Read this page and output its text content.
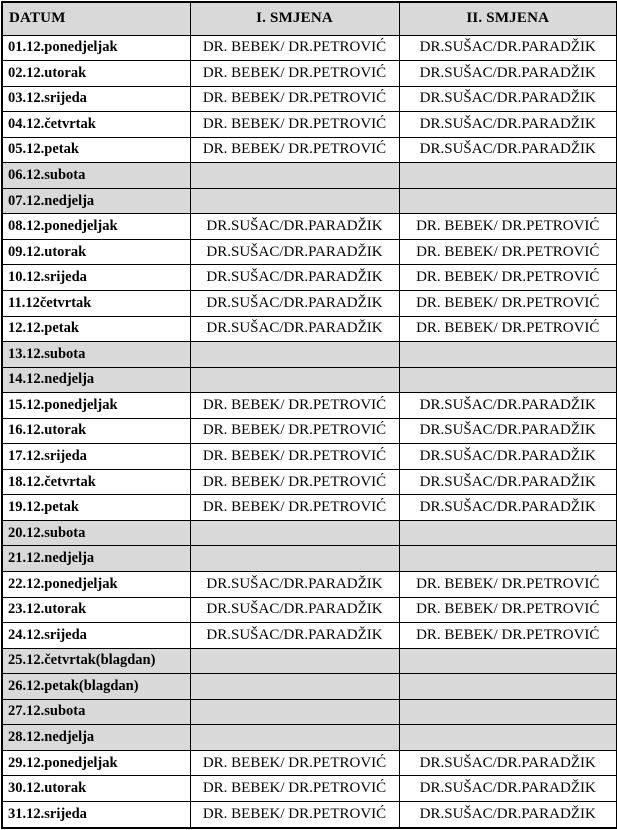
DATUM	I. SMJENA	II. SMJENA
01.12.ponedjeljak	DR. BEBEK/ DR.PETROVIĆ	DR.SUŠAC/DR.PARADŽIK
02.12.utorak	DR. BEBEK/ DR.PETROVIĆ	DR.SUŠAC/DR.PARADŽIK
03.12.srijeda	DR. BEBEK/ DR.PETROVIĆ	DR.SUŠAC/DR.PARADŽIK
04.12.četvrtak	DR. BEBEK/ DR.PETROVIĆ	DR.SUŠAC/DR.PARADŽIK
05.12.petak	DR. BEBEK/ DR.PETROVIĆ	DR.SUŠAC/DR.PARADŽIK
06.12.subota		
07.12.nedjelja		
08.12.ponedjeljak	DR.SUŠAC/DR.PARADŽIK	DR. BEBEK/ DR.PETROVIĆ
09.12.utorak	DR.SUŠAC/DR.PARADŽIK	DR. BEBEK/ DR.PETROVIĆ
10.12.srijeda	DR.SUŠAC/DR.PARADŽIK	DR. BEBEK/ DR.PETROVIĆ
11.12četvrtak	DR.SUŠAC/DR.PARADŽIK	DR. BEBEK/ DR.PETROVIĆ
12.12.petak	DR.SUŠAC/DR.PARADŽIK	DR. BEBEK/ DR.PETROVIĆ
13.12.subota		
14.12.nedjelja		
15.12.ponedjeljak	DR. BEBEK/ DR.PETROVIĆ	DR.SUŠAC/DR.PARADŽIK
16.12.utorak	DR. BEBEK/ DR.PETROVIĆ	DR.SUŠAC/DR.PARADŽIK
17.12.srijeda	DR. BEBEK/ DR.PETROVIĆ	DR.SUŠAC/DR.PARADŽIK
18.12.četvrtak	DR. BEBEK/ DR.PETROVIĆ	DR.SUŠAC/DR.PARADŽIK
19.12.petak	DR. BEBEK/ DR.PETROVIĆ	DR.SUŠAC/DR.PARADŽIK
20.12.subota		
21.12.nedjelja		
22.12.ponedjeljak	DR.SUŠAC/DR.PARADŽIK	DR. BEBEK/ DR.PETROVIĆ
23.12.utorak	DR.SUŠAC/DR.PARADŽIK	DR. BEBEK/ DR.PETROVIĆ
24.12.srijeda	DR.SUŠAC/DR.PARADŽIK	DR. BEBEK/ DR.PETROVIĆ
25.12.četvrtak(blagdan)		
26.12.petak(blagdan)		
27.12.subota		
28.12.nedjelja		
29.12.ponedjeljak	DR. BEBEK/ DR.PETROVIĆ	DR.SUŠAC/DR.PARADŽIK
30.12.utorak	DR. BEBEK/ DR.PETROVIĆ	DR.SUŠAC/DR.PARADŽIK
31.12.srijeda	DR. BEBEK/ DR.PETROVIĆ	DR.SUŠAC/DR.PARADŽIK
